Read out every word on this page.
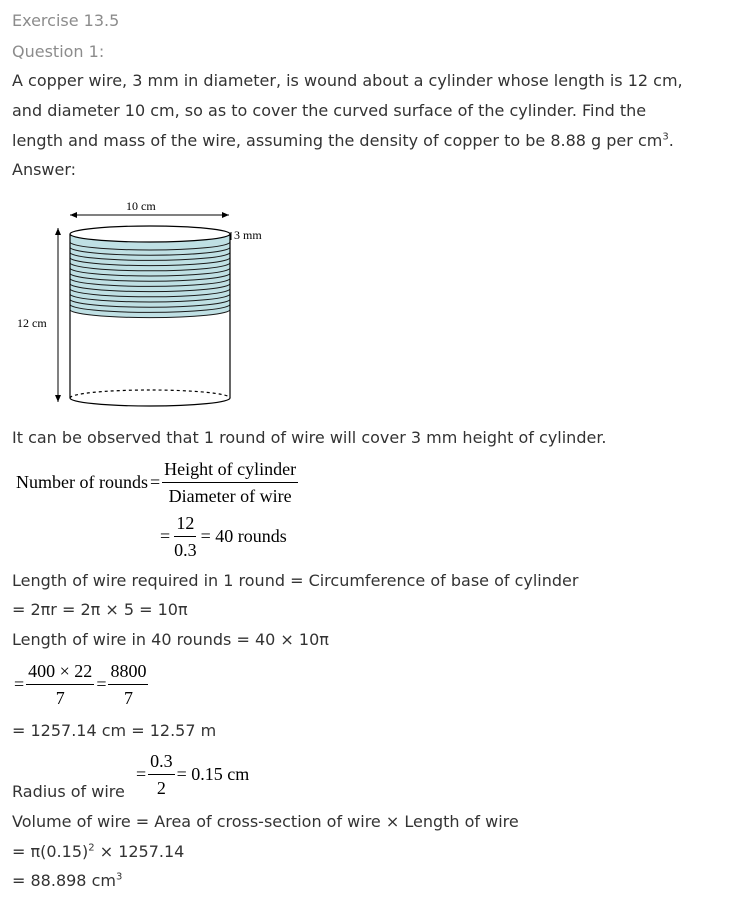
Exercise 13.5
Question 1:
A copper wire, 3 mm in diameter, is wound about a cylinder whose length is 12 cm,
and diameter 10 cm, so as to cover the curved surface of the cylinder. Find the
length and mass of the wire, assuming the density of copper to be 8.88 g per $cm^3$.
Answer:
10 cm
12 cm
3 mm
It can be observed that 1 round of wire will cover 3 mm height of cylinder.
Number of rounds = $\frac{\text{Height of cylinder}}{\text{Diameter of wire}}$
= $\frac{12}{0.3} = 40$ rounds
Length of wire required in 1 round = Circumference of base of cylinder
= 2πr = 2π × 5 = 10π
Length of wire in 40 rounds = 40 × 10π
= $\frac{400 \times 22}{7} = \frac{8800}{7}$
= 1257.14 cm = 12.57 m
Radius of wire
= $\frac{0.3}{2} = 0.15$ cm
Volume of wire = Area of cross-section of wire × Length of wire
= $\pi(0.15)^2 \times 1257.14$
= 88.898 $cm^3$
